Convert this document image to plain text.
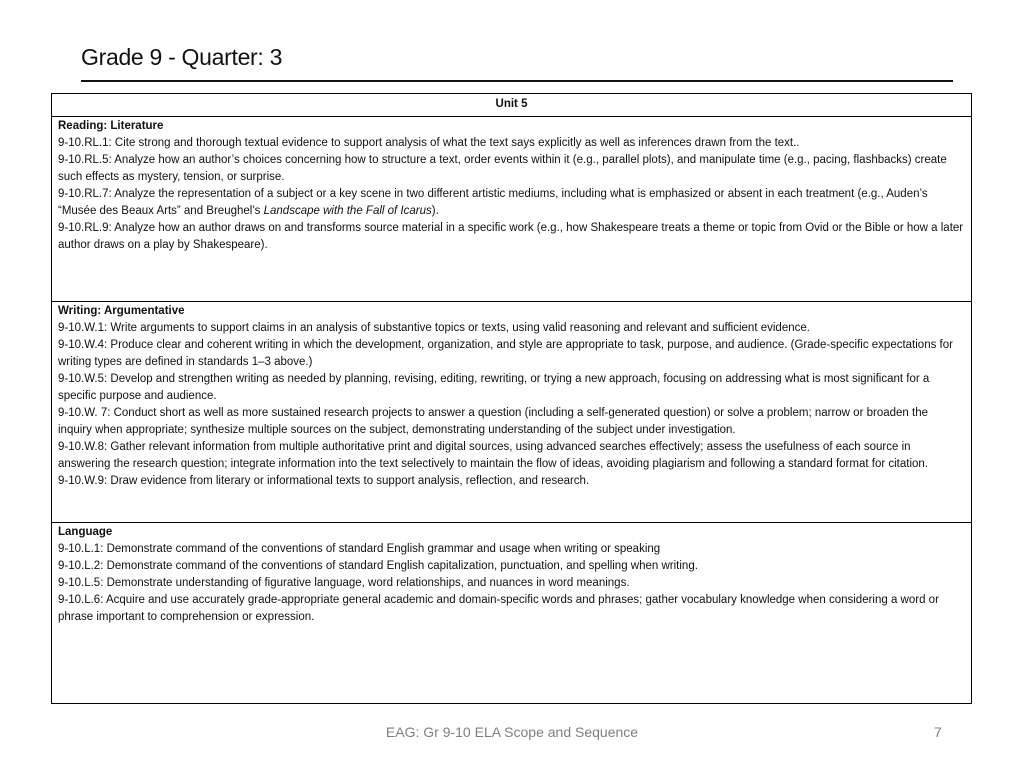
Grade 9 - Quarter: 3
Unit 5

Reading: Literature
9-10.RL.1: Cite strong and thorough textual evidence to support analysis of what the text says explicitly as well as inferences drawn from the text..
9-10.RL.5: Analyze how an author’s choices concerning how to structure a text, order events within it (e.g., parallel plots), and manipulate time (e.g., pacing, flashbacks) create such effects as mystery, tension, or surprise.
9-10.RL.7: Analyze the representation of a subject or a key scene in two different artistic mediums, including what is emphasized or absent in each treatment (e.g., Auden’s “Musée des Beaux Arts” and Breughel’s Landscape with the Fall of Icarus).
9-10.RL.9: Analyze how an author draws on and transforms source material in a specific work (e.g., how Shakespeare treats a theme or topic from Ovid or the Bible or how a later author draws on a play by Shakespeare).

Writing: Argumentative
9-10.W.1: Write arguments to support claims in an analysis of substantive topics or texts, using valid reasoning and relevant and sufficient evidence.
9-10.W.4: Produce clear and coherent writing in which the development, organization, and style are appropriate to task, purpose, and audience. (Grade-specific expectations for writing types are defined in standards 1–3 above.)
9-10.W.5: Develop and strengthen writing as needed by planning, revising, editing, rewriting, or trying a new approach, focusing on addressing what is most significant for a specific purpose and audience.
9-10.W. 7: Conduct short as well as more sustained research projects to answer a question (including a self-generated question) or solve a problem; narrow or broaden the inquiry when appropriate; synthesize multiple sources on the subject, demonstrating understanding of the subject under investigation.
9-10.W.8: Gather relevant information from multiple authoritative print and digital sources, using advanced searches effectively; assess the usefulness of each source in answering the research question; integrate information into the text selectively to maintain the flow of ideas, avoiding plagiarism and following a standard format for citation.
9-10.W.9: Draw evidence from literary or informational texts to support analysis, reflection, and research.

Language
9-10.L.1: Demonstrate command of the conventions of standard English grammar and usage when writing or speaking
9-10.L.2: Demonstrate command of the conventions of standard English capitalization, punctuation, and spelling when writing.
9-10.L.5: Demonstrate understanding of figurative language, word relationships, and nuances in word meanings.
9-10.L.6: Acquire and use accurately grade-appropriate general academic and domain-specific words and phrases; gather vocabulary knowledge when considering a word or phrase important to comprehension or expression.
EAG: Gr 9-10 ELA Scope and Sequence	7
